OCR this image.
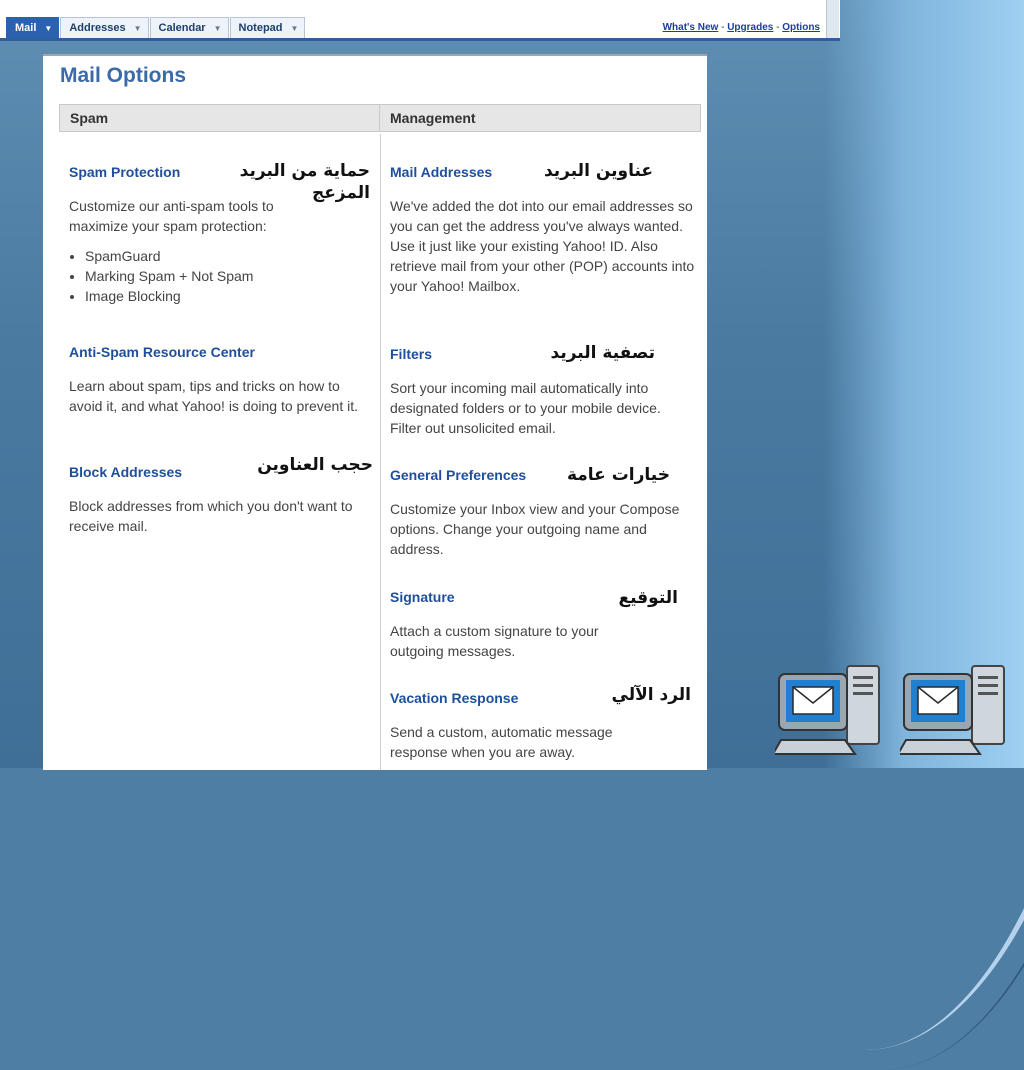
Mail ▼ Addresses ▼ Calendar ▼ Notepad ▼	What's New - Upgrades - Options
Mail Options
Spam	Management
Spam Protection
Customize our anti-spam tools to maximize your spam protection:
• SpamGuard
• Marking Spam + Not Spam
• Image Blocking
Anti-Spam Resource Center
Learn about spam, tips and tricks on how to avoid it, and what Yahoo! is doing to prevent it.
Block Addresses
Block addresses from which you don't want to receive mail.
Mail Addresses
We've added the dot into our email addresses so you can get the address you've always wanted. Use it just like your existing Yahoo! ID. Also retrieve mail from your other (POP) accounts into your Yahoo! Mailbox.
Filters
Sort your incoming mail automatically into designated folders or to your mobile device. Filter out unsolicited email.
General Preferences
Customize your Inbox view and your Compose options. Change your outgoing name and address.
Signature
Attach a custom signature to your outgoing messages.
Vacation Response
Send a custom, automatic message response when you are away.
حماية من البريد المزعج
حجب العناوين
عناوين البريد
تصفية البريد
خيارات عامة
التوقيع
الرد الآلي
